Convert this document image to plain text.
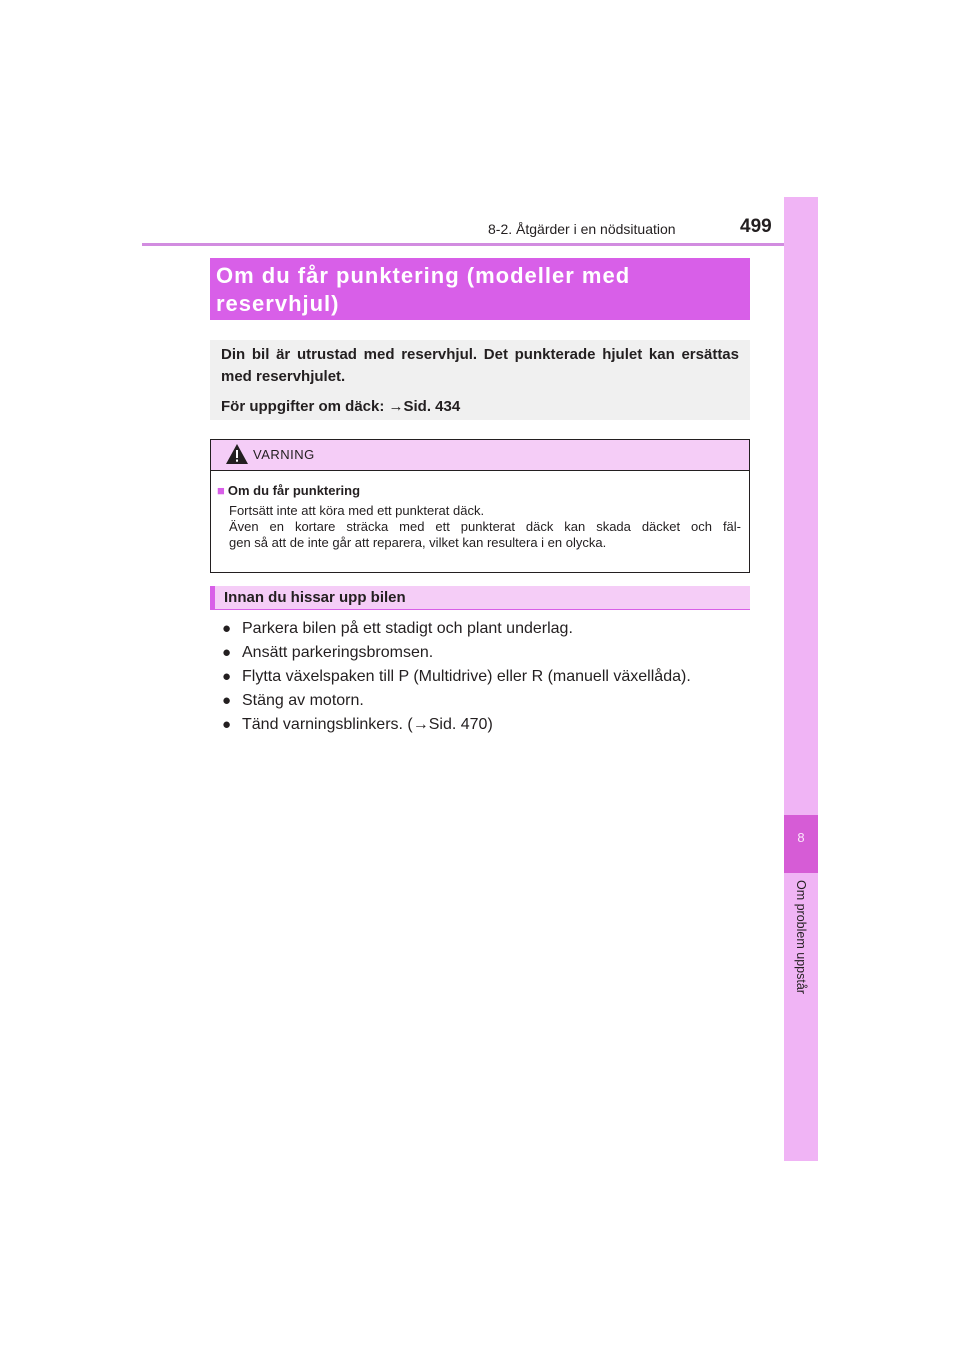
8-2. Åtgärder i en nödsituation	499
8
Om problem uppstår

Om du får punktering (modeller med
reservhjul)

Din bil är utrustad med reservhjul. Det punkterade hjulet kan ersättas med reservhjulet.

För uppgifter om däck: →Sid. 434

VARNING

■ Om du får punktering

Fortsätt inte att köra med ett punkterat däck.

Även en kortare sträcka med ett punkterat däck kan skada däcket och fäl-

gen så att de inte går att reparera, vilket kan resultera i en olycka.

Innan du hissar upp bilen
● Parkera bilen på ett stadigt och plant underlag.
● Ansätt parkeringsbromsen.
● Flytta växelspaken till P (Multidrive) eller R (manuell växellåda).
● Stäng av motorn.
● Tänd varningsblinkers. (→Sid. 470)
